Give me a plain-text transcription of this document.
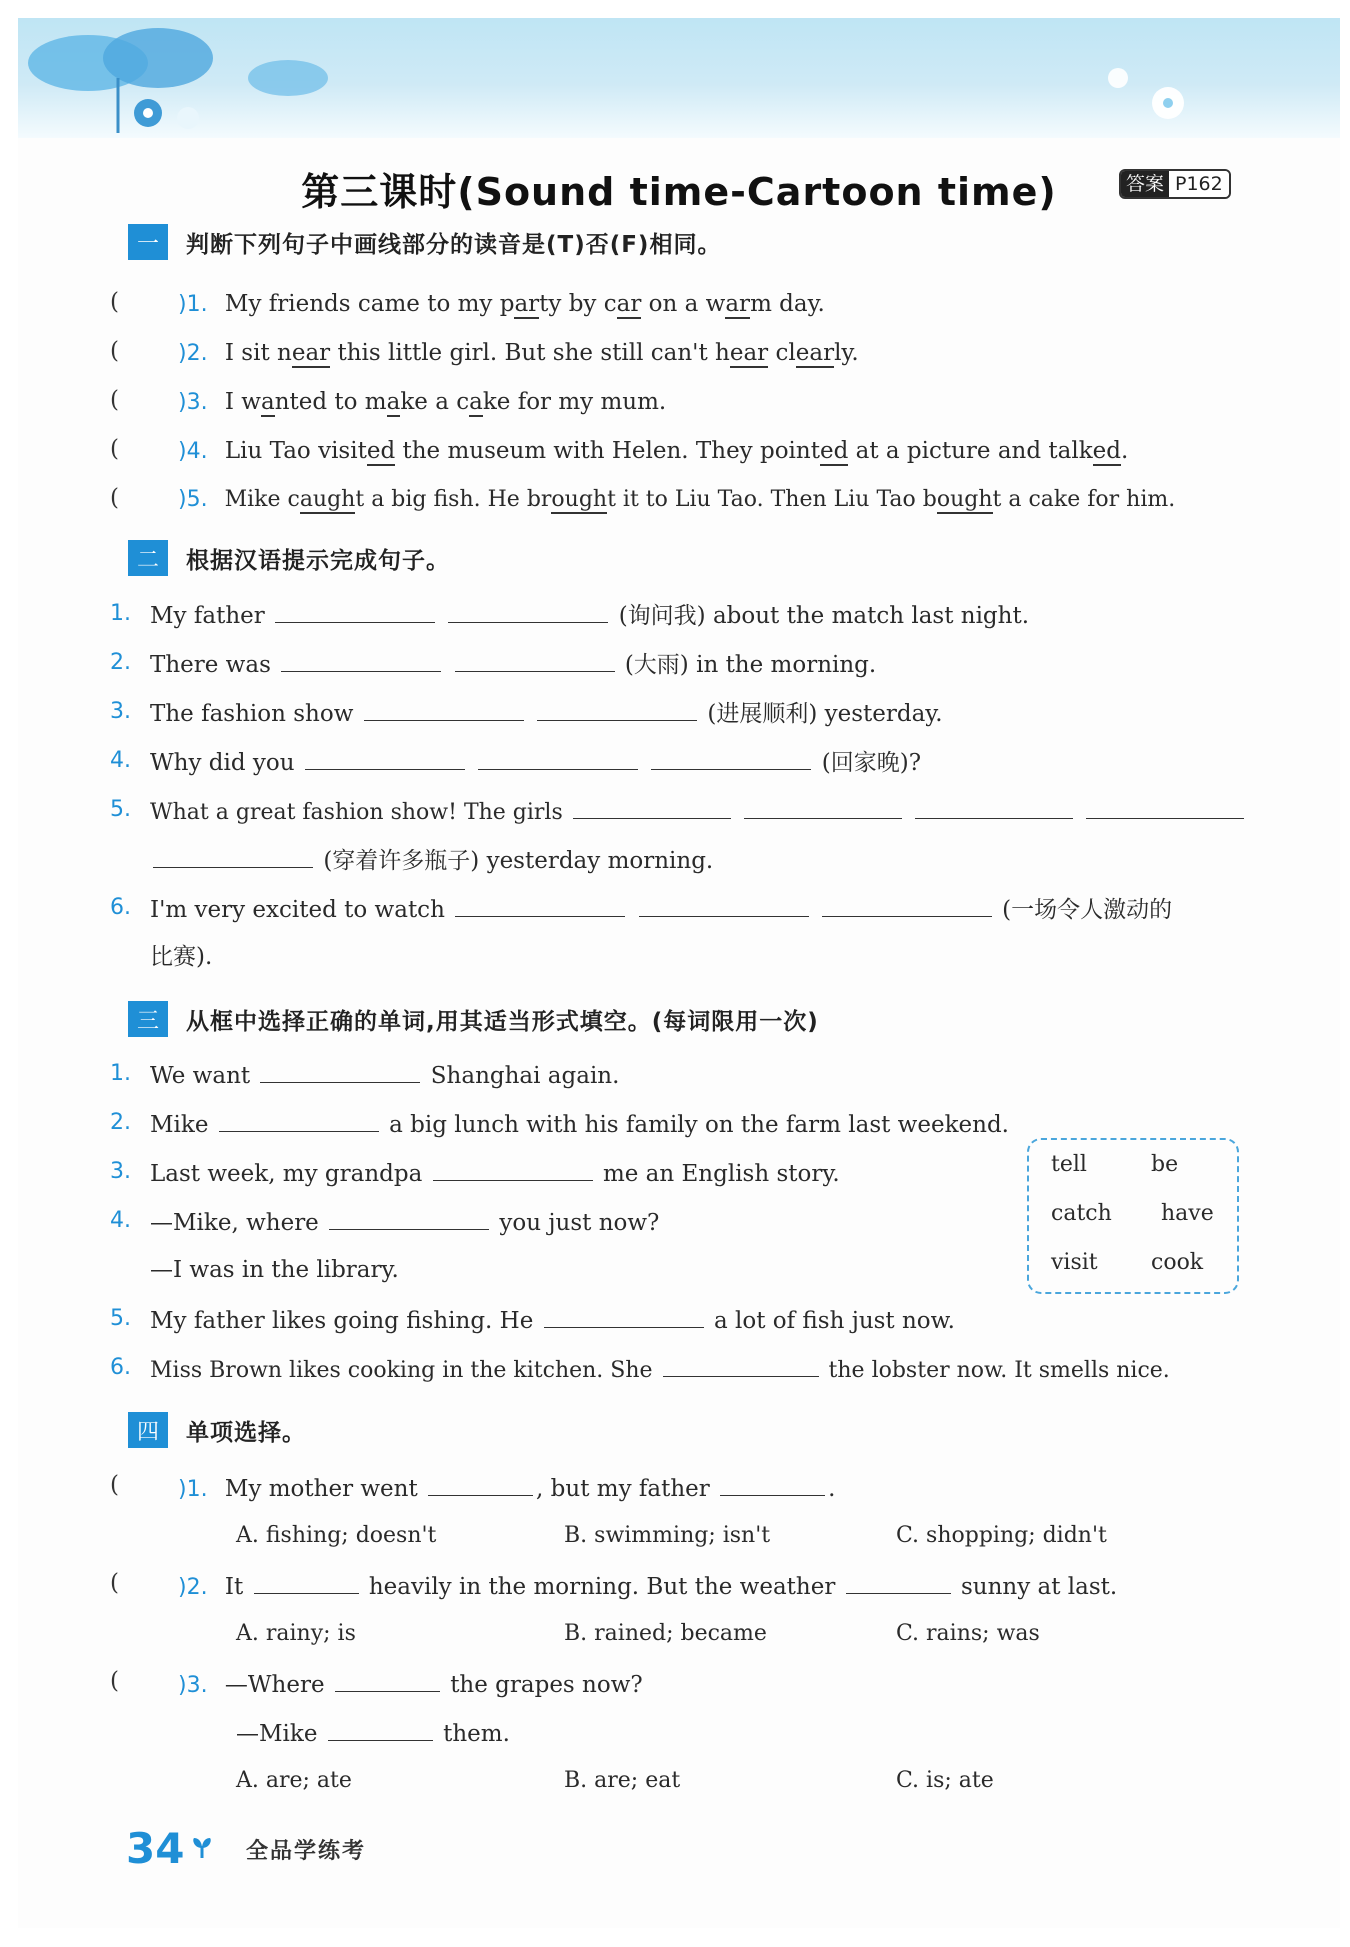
第三课时(Sound time-Cartoon time)	答案 P162
一	判断下列句子中画线部分的读音是(T)否(F)相同。
(	)1. My friends came to my party by car on a warm day.
(	)2. I sit near this little girl. But she still can't hear clearly.
(	)3. I wanted to make a cake for my mum.
(	)4. Liu Tao visited the museum with Helen. They pointed at a picture and talked.
(	)5. Mike caught a big fish. He brought it to Liu Tao. Then Liu Tao bought a cake for him.
二	根据汉语提示完成句子。
1. My father	(询问我) about the match last night.
2. There was	(大雨) in the morning.
3. The fashion show	(进展顺利) yesterday.
4. Why did you	(回家晚)?
5. What a great fashion show! The girls
(穿着许多瓶子) yesterday morning.
6. I'm very excited to watch	(一场令人激动的
比赛).
三	从框中选择正确的单词,用其适当形式填空。(每词限用一次)
tell	be
catch have
visit cook
1. We want	Shanghai again.
2. Mike	a big lunch with his family on the farm last weekend.
3. Last week, my grandpa	me an English story.
4. —Mike, where	you just now?
—I was in the library.
5. My father likes going fishing. He	a lot of fish just now.
6. Miss Brown likes cooking in the kitchen. She	the lobster now. It smells nice.
四	单项选择。
(	)1. My mother went	, but my father	.
A. fishing; doesn't	B. swimming; isn't	C. shopping; didn't
(	)2. It	heavily in the morning. But the weather	sunny at last.
A. rainy; is	B. rained; became	C. rains; was
(	)3. —Where	the grapes now?
—Mike	them.
A. are; ate	B. are; eat	C. is; ate
34	全品学练考
